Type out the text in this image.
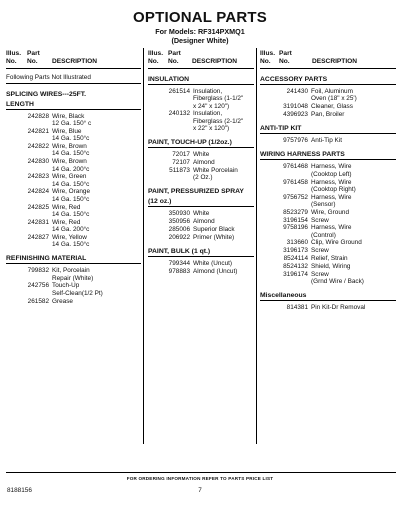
OPTIONAL PARTS
For Models: RF314PXMQ1
(Designer White)
Illus.
No.
Part
No.	DESCRIPTION
Following Parts Not Illustrated
SPLICING WIRES---25FT.
LENGTH
242828 Wire, Black
12 Ga. 150° c
242821 Wire, Blue
14 Ga. 150°c
242822 Wire, Brown
14 Ga. 150°c
242830 Wire, Brown
14 Ga. 200°c
242823 Wire, Green
14 Ga. 150°c
242824 Wire, Orange
14 Ga. 150°c
242825 Wire, Red
14 Ga. 150°c
242831 Wire, Red
14 Ga. 200°c
242827 Wire, Yellow
14 Ga. 150°c
REFINISHING MATERIAL
799832 Kit, Porcelain
Repair (White)
242756 Touch-Up
Self-Clean(1/2 Pt)
261582 Grease
Illus.
No.
Part
No.	DESCRIPTION
INSULATION
261514 Insulation,
Fiberglass (1-1/2"
x 24" x 120")
240132 Insulation,
Fiberglass (2-1/2"
x 22" x 120")
PAINT, TOUCH-UP (1/2oz.)
72017 White
72107 Almond
511873 White Porcelain
(2 Oz.)
PAINT, PRESSURIZED SPRAY
(12 oz.)
350930 White
350956 Almond
285006 Superior Black
206922 Primer (White)
PAINT, BULK (1 qt.)
799344 White (Uncut)
978883 Almond (Uncut)
Illus.
No.
Part
No.	DESCRIPTION
ACCESSORY PARTS
241430 Foil, Aluminum
Oven (18" x 25')
3191048 Cleaner, Glass
4396923 Pan, Broiler
ANTI-TIP KIT
9757976 Anti-Tip Kit
WIRING HARNESS PARTS
9761468 Harness, Wire
(Cooktop Left)
9761458 Harness, Wire
(Cooktop Right)
9756752 Harness, Wire
(Sensor)
8523279 Wire, Ground
3196154 Screw
9758196 Harness, Wire
(Control)
313660 Clip, Wire Ground
3196173 Screw
8524114 Relief, Strain
8524132 Shield, Wiring
3196174 Screw
(Grnd Wire / Back)
Miscellaneous
814381 Pin Kit-Dr Removal
FOR ORDERING INFORMATION REFER TO PARTS PRICE LIST
8188156	7
